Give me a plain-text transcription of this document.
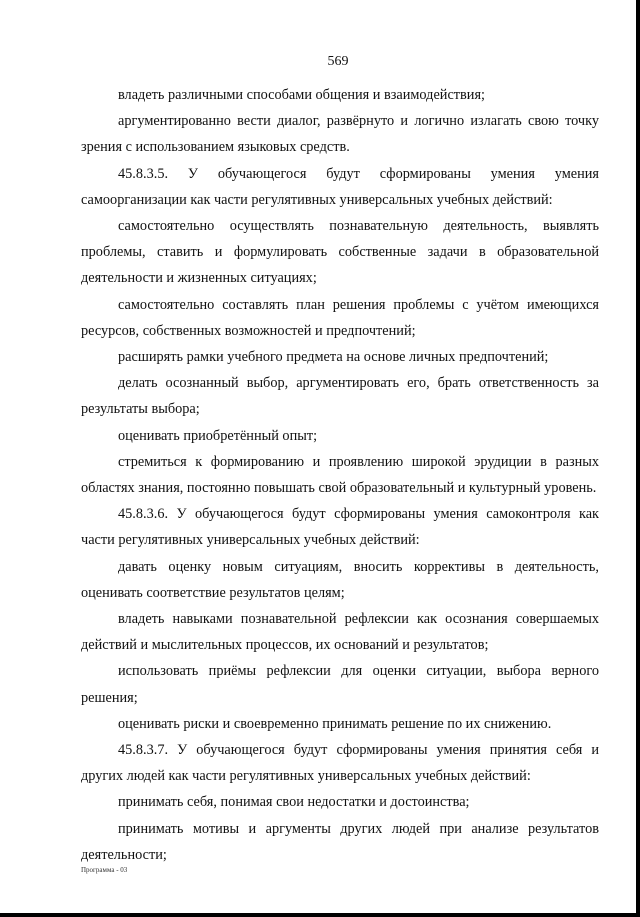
569

владеть различными способами общения и взаимодействия;

аргументированно вести диалог, развёрнуто и логично излагать свою точку зрения с использованием языковых средств.

45.8.3.5. У обучающегося будут сформированы умения умения самоорганизации как части регулятивных универсальных учебных действий:

самостоятельно осуществлять познавательную деятельность, выявлять проблемы, ставить и формулировать собственные задачи в образовательной деятельности и жизненных ситуациях;

самостоятельно составлять план решения проблемы с учётом имеющихся ресурсов, собственных возможностей и предпочтений;

расширять рамки учебного предмета на основе личных предпочтений;

делать осознанный выбор, аргументировать его, брать ответственность за результаты выбора;

оценивать приобретённый опыт;

стремиться к формированию и проявлению широкой эрудиции в разных областях знания, постоянно повышать свой образовательный и культурный уровень.

45.8.3.6. У обучающегося будут сформированы умения самоконтроля как части регулятивных универсальных учебных действий:

давать оценку новым ситуациям, вносить коррективы в деятельность, оценивать соответствие результатов целям;

владеть навыками познавательной рефлексии как осознания совершаемых действий и мыслительных процессов, их оснований и результатов;

использовать приёмы рефлексии для оценки ситуации, выбора верного решения;

оценивать риски и своевременно принимать решение по их снижению.

45.8.3.7. У обучающегося будут сформированы умения принятия себя и других людей как части регулятивных универсальных учебных действий:

принимать себя, понимая свои недостатки и достоинства;

принимать мотивы и аргументы других людей при анализе результатов деятельности;

Программа - 03
